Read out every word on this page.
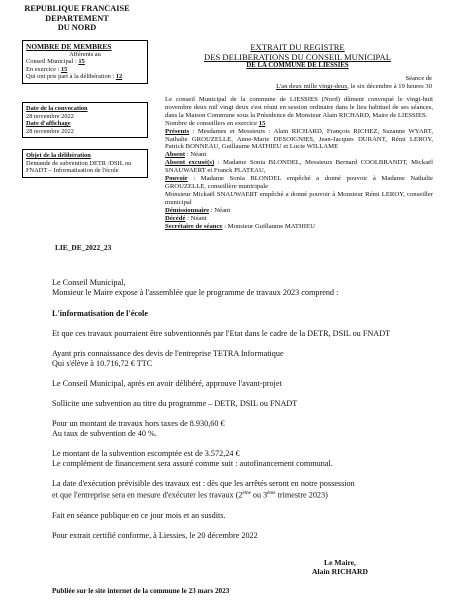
REPUBLIQUE FRANCAISE
DEPARTEMENT
DU NORD

NOMBRE DE MEMBRES

Afférents au

Conseil Municipal : 15

En exercice : 15

Qui ont pris part à la délibération : 12

Date de la convocation

28 novembre 2022

Date d'affichage

28 novembre 2022

Objet de la délibération

Demande de subvention DETR /DSIL ou FNADT – Informatisation de l'école

LIE_DE_2022_23
EXTRAIT DU REGISTRE
DES DELIBERATIONS DU CONSEIL MUNICIPAL
DE LA COMMUNE DE LIESSIES
Séance de
L'an deux mille vingt-deux, le six décembre à 19 heures 30

Le conseil Municipal de la commune de LIESSIES (Nord) dûment convoqué le vingt-huit novembre deux mil vingt deux s'est réuni en session ordinaire dans le lieu habituel de ses séances, dans la Maison Commune sous la Présidence de Monsieur Alain RICHARD, Maire de LIESSIES.

Nombre de conseillers en exercice 15

Présents : Mesdames et Messieurs : Alain RICHARD, François RICHEZ, Suzanne WYART, Nathalie GROUZELLE, Anne-Marie DESOIGNIES, Jean-Jacques DURANT, Rémi LEROY, Patrick BONNEAU, Guillaume MATHIEU et Lucie WILLAME

Absent : Néant

Absent excusé(s) : Madame Sonia BLONDEL, Messieurs Bernard COOLBRANDT, Mickaël SNAUWAERT et Franck PLATEAU,

Pouvoir : Madame Sonia BLONDEL empêché a donné pouvoir à Madame Nathalie GROUZELLE, conseillère municipale

Monsieur Mickaël SNAUWAERT empêché a donné pouvoir à Monsieur Rémi LEROY, conseiller municipal

Démissionnaire : Néant

Décédé : Néant

Secrétaire de séance : Monsieur Guillaume MATHIEU

Le Conseil Municipal,

Monsieur le Maire expose à l'assemblée que le programme de travaux 2023 comprend :

L'informatisation de l'école

Et que ces travaux pourraient être subventionnés par l'Etat dans le cadre de la DETR, DSIL ou FNADT

Ayant pris connaissance des devis de l'entreprise TETRA Informatique

Qui s'élève à 10.716,72 € TTC

Le Conseil Municipal, après en avoir délibéré, approuve l'avant-projet

Sollicite une subvention au titre du programme – DETR, DSIL ou FNADT

Pour un montant de travaux hors taxes de 8.930,60 €

Au taux de subvention de 40 %.

Le montant de la subvention escomptée est de 3.572,24 €

Le complément de financement sera assuré comme suit : autofinancement communal.

La date d'exécution prévisible des travaux est : dès que les arrêtés seront en notre possession

et que l'entreprise sera en mesure d'exécuter les travaux (2ème ou 3ème trimestre 2023)

Fait en séance publique en ce jour mois et an susdits.

Pour extrait certifié conforme, à Liessies, le 20 décembre 2022

Le Maire,
Alain RICHARD
Publiée sur le site internet de la commune le 23 mars 2023
